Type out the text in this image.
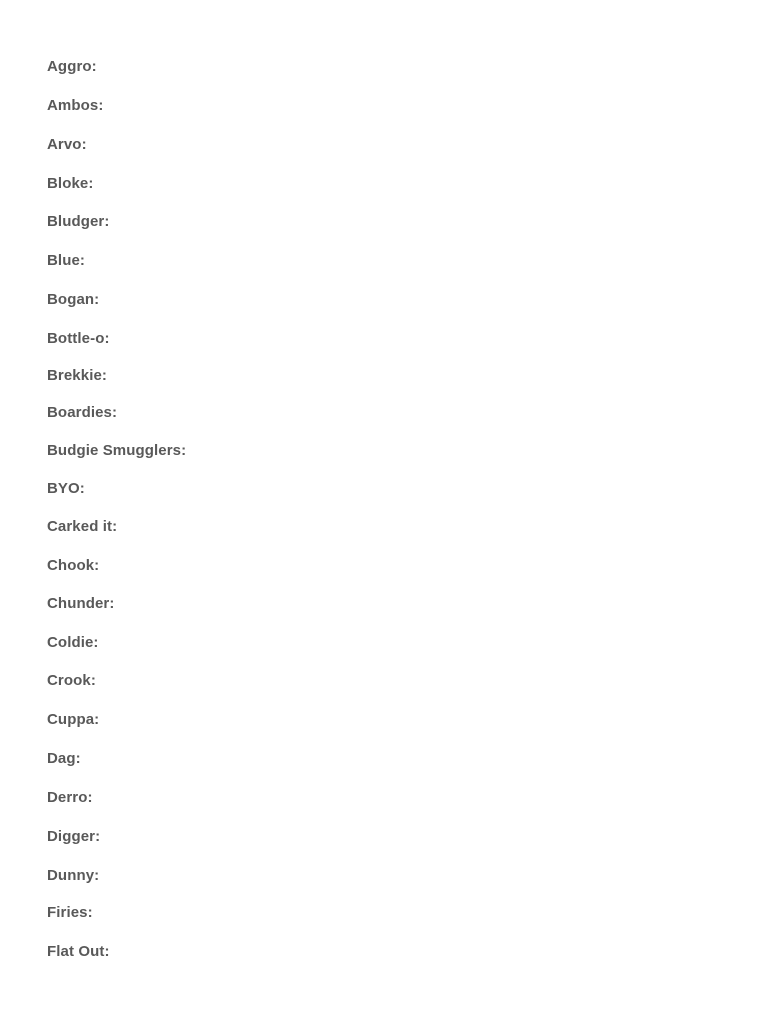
Aggro:
Ambos:
Arvo:
Bloke:
Bludger:
Blue:
Bogan:
Bottle-o:
Brekkie:
Boardies:
Budgie Smugglers:
BYO:
Carked it:
Chook:
Chunder:
Coldie:
Crook:
Cuppa:
Dag:
Derro:
Digger:
Dunny:
Firies:
Flat Out:
